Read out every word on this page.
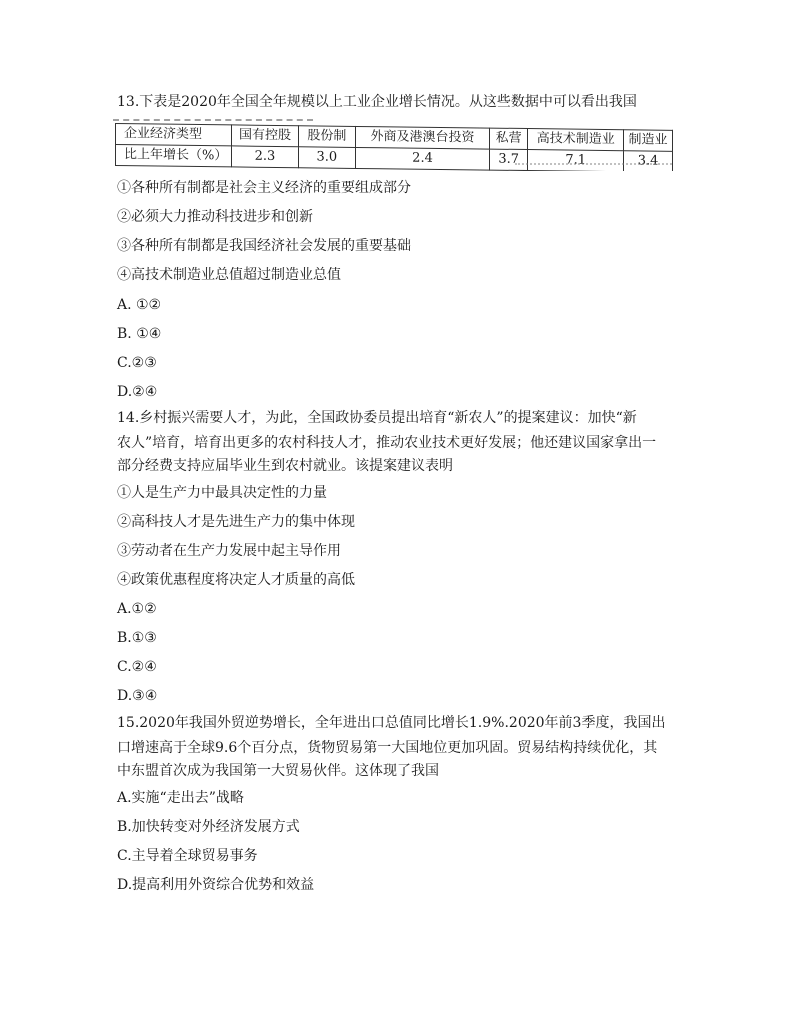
13.下表是2020年全国全年规模以上工业企业增长情况。从这些数据中可以看出我国

企业经济类型	国有控股	股份制	外商及港澳台投资	私营	高技术制造业	制造业
比上年增长（%）	2.3	3.0	2.4	3.7	7.1	3.4

①各种所有制都是社会主义经济的重要组成部分

②必须大力推动科技进步和创新

③各种所有制都是我国经济社会发展的重要基础

④高技术制造业总值超过制造业总值

A. ①②

B. ①④

C.②③

D.②④

14.乡村振兴需要人才，为此，全国政协委员提出培育“新农人”的提案建议：加快“新

农人”培育，培育出更多的农村科技人才，推动农业技术更好发展；他还建议国家拿出一

部分经费支持应届毕业生到农村就业。该提案建议表明

①人是生产力中最具决定性的力量

②高科技人才是先进生产力的集中体现

③劳动者在生产力发展中起主导作用

④政策优惠程度将决定人才质量的高低

A.①②

B.①③

C.②④

D.③④

15.2020年我国外贸逆势增长，全年进出口总值同比增长1.9%.2020年前3季度，我国出

口增速高于全球9.6个百分点，货物贸易第一大国地位更加巩固。贸易结构持续优化，其

中东盟首次成为我国第一大贸易伙伴。这体现了我国

A.实施“走出去”战略

B.加快转变对外经济发展方式

C.主导着全球贸易事务

D.提高利用外资综合优势和效益
